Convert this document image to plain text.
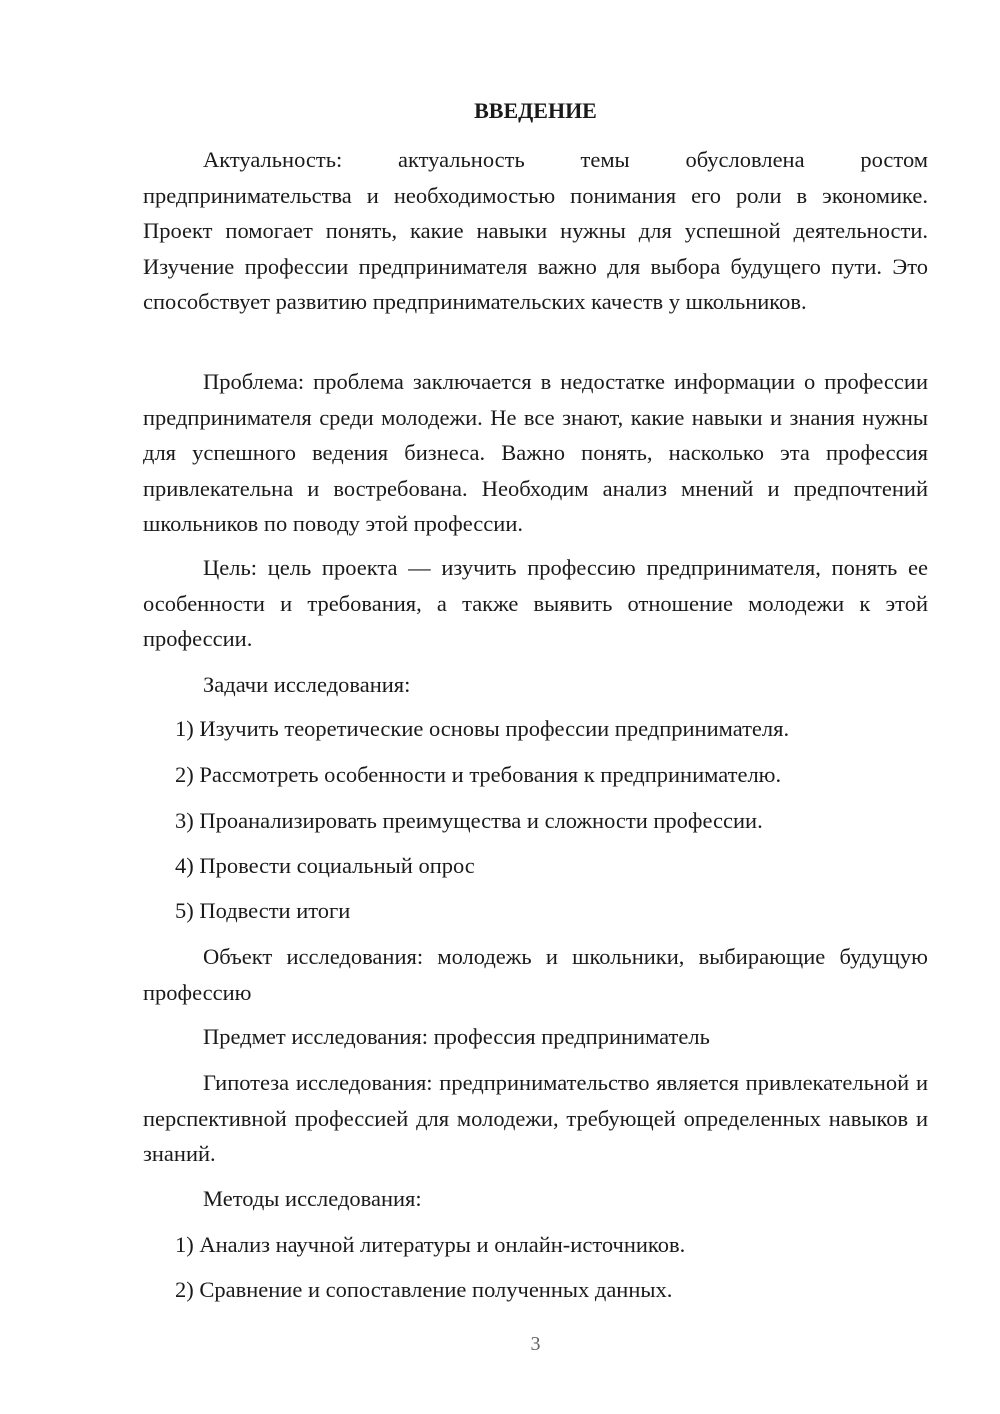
ВВЕДЕНИЕ

Актуальность: актуальность темы обусловлена ростом предпринимательства и необходимостью понимания его роли в экономике. Проект помогает понять, какие навыки нужны для успешной деятельности. Изучение профессии предпринимателя важно для выбора будущего пути. Это способствует развитию предпринимательских качеств у школьников.

Проблема: проблема заключается в недостатке информации о профессии предпринимателя среди молодежи. Не все знают, какие навыки и знания нужны для успешного ведения бизнеса. Важно понять, насколько эта профессия привлекательна и востребована. Необходим анализ мнений и предпочтений школьников по поводу этой профессии.

Цель: цель проекта — изучить профессию предпринимателя, понять ее особенности и требования, а также выявить отношение молодежи к этой профессии.

Задачи исследования:

1) Изучить теоретические основы профессии предпринимателя.

2) Рассмотреть особенности и требования к предпринимателю.

3) Проанализировать преимущества и сложности профессии.

4) Провести социальный опрос

5) Подвести итоги

Объект исследования: молодежь и школьники, выбирающие будущую профессию

Предмет исследования: профессия предприниматель

Гипотеза исследования: предпринимательство является привлекательной и перспективной профессией для молодежи, требующей определенных навыков и знаний.

Методы исследования:

1) Анализ научной литературы и онлайн-источников.

2) Сравнение и сопоставление полученных данных.

3
